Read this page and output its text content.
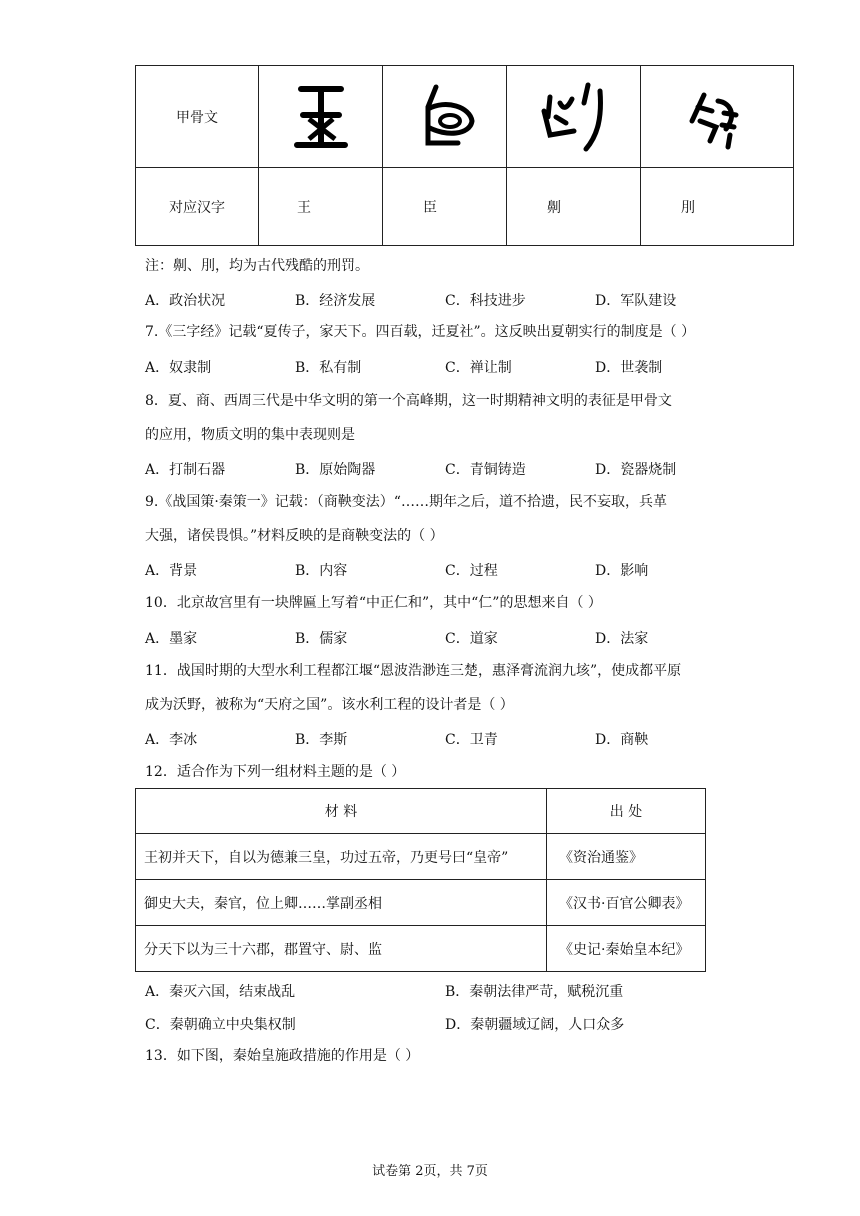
甲骨文	

对应汉字	王	臣	劓	刖
注：劓、刖，均为古代残酷的刑罚。
A．政治状况	B．经济发展	C．科技进步	D．军队建设
7.《三字经》记载“夏传子，家天下。四百载，迁夏社”。这反映出夏朝实行的制度是（ ）
A．奴隶制	B．私有制	C．禅让制	D．世袭制
8．夏、商、西周三代是中华文明的第一个高峰期，这一时期精神文明的表征是甲骨文
的应用，物质文明的集中表现则是
A．打制石器	B．原始陶器	C．青铜铸造	D．瓷器烧制
9.《战国策·秦策一》记载：（商鞅变法）“……期年之后，道不拾遗，民不妄取，兵革
大强，诸侯畏惧。”材料反映的是商鞅变法的（ ）
A．背景	B．内容	C．过程	D．影响
10．北京故宫里有一块牌匾上写着“中正仁和”，其中“仁”的思想来自（ ）
A．墨家	B．儒家	C．道家	D．法家
11．战国时期的大型水利工程都江堰“恩波浩渺连三楚，惠泽膏流润九垓”，使成都平原
成为沃野，被称为“天府之国”。该水利工程的设计者是（ ）
A．李冰	B．李斯	C．卫青	D．商鞅
12．适合作为下列一组材料主题的是（ ）
材 料	出 处
王初并天下，自以为德兼三皇，功过五帝，乃更号曰“皇帝”	《资治通鉴》
御史大夫，秦官，位上卿……掌副丞相	《汉书·百官公卿表》
分天下以为三十六郡，郡置守、尉、监	《史记·秦始皇本纪》
A．秦灭六国，结束战乱	B．秦朝法律严苛，赋税沉重
C．秦朝确立中央集权制	D．秦朝疆域辽阔，人口众多
13．如下图，秦始皇施政措施的作用是（ ）
试卷第 2页，共 7页
